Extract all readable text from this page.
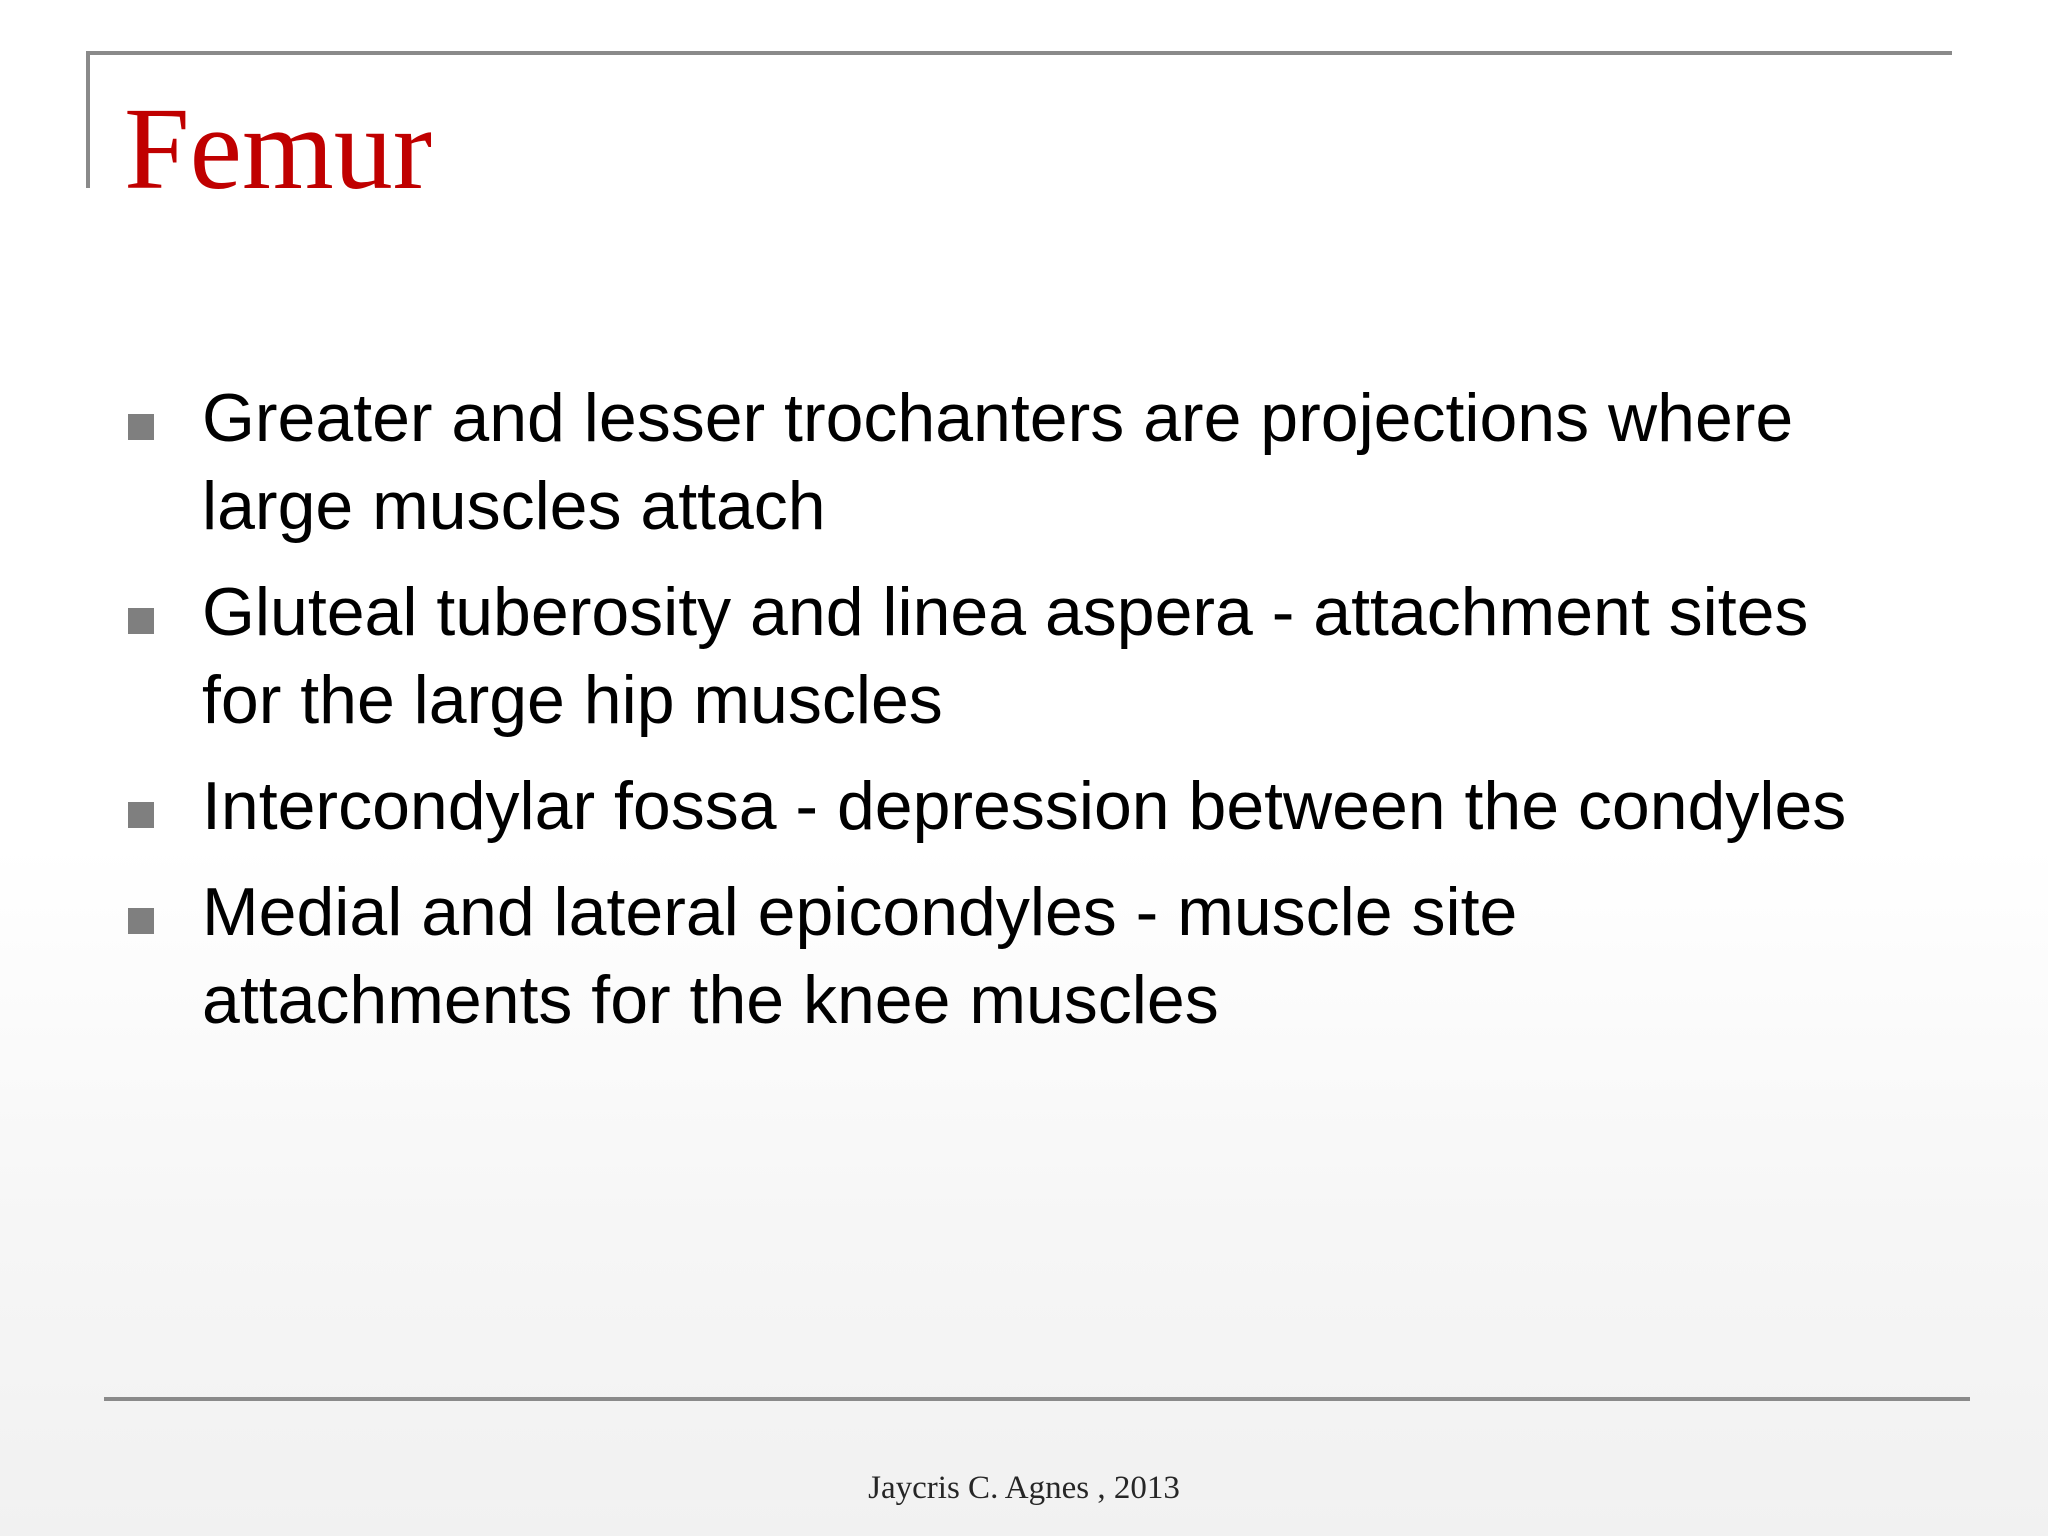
Femur
Greater and lesser trochanters are projections where large muscles attach
Gluteal tuberosity and linea aspera - attachment sites for the large hip muscles
Intercondylar fossa - depression between the condyles
Medial and lateral epicondyles - muscle site attachments for the knee muscles
Jaycris C. Agnes , 2013
